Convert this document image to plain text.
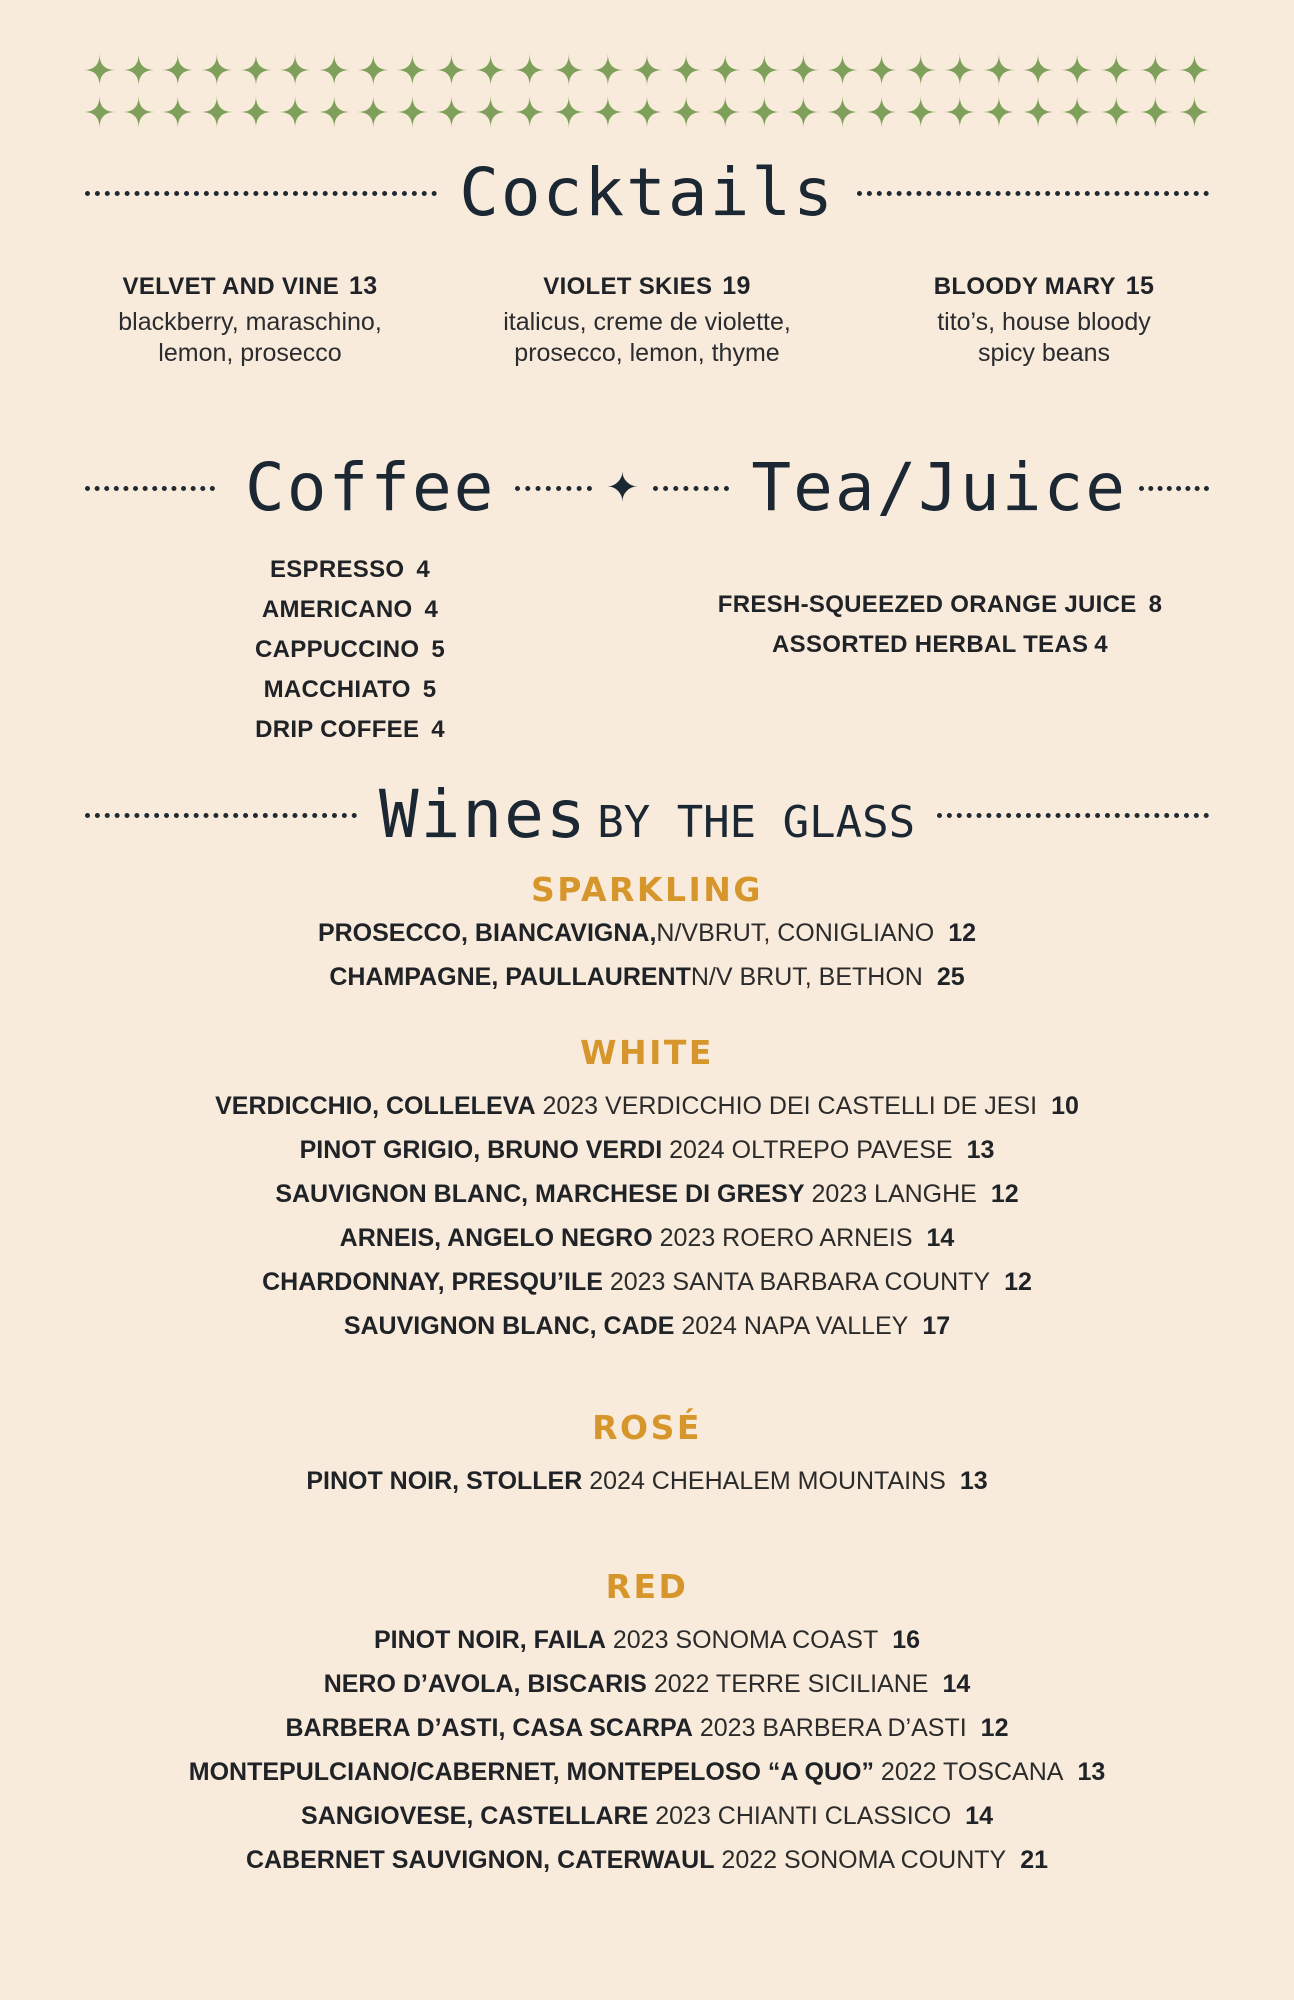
Cocktails
VELVET AND VINE 13
blackberry, maraschino,
lemon, prosecco
VIOLET SKIES 19
italicus, creme de violette,
prosecco, lemon, thyme
BLOODY MARY 15
tito’s, house bloody
spicy beans
Coffee	✦	Tea/Juice
ESPRESSO 4
AMERICANO 4
CAPPUCCINO 5
MACCHIATO 5
DRIP COFFEE 4
FRESH-SQUEEZED ORANGE JUICE 8
ASSORTED HERBAL TEAS 4
Wines BY THE GLASS
SPARKLING
PROSECCO, BIANCAVIGNA,N/VBRUT, CONIGLIANO 12
CHAMPAGNE, PAULLAURENTN/V BRUT, BETHON 25
WHITE
VERDICCHIO, COLLELEVA 2023 VERDICCHIO DEI CASTELLI DE JESI 10
PINOT GRIGIO, BRUNO VERDI 2024 OLTREPO PAVESE 13
SAUVIGNON BLANC, MARCHESE DI GRESY 2023 LANGHE 12
ARNEIS, ANGELO NEGRO 2023 ROERO ARNEIS 14
CHARDONNAY, PRESQU’ILE 2023 SANTA BARBARA COUNTY 12
SAUVIGNON BLANC, CADE 2024 NAPA VALLEY 17
ROSÉ
PINOT NOIR, STOLLER 2024 CHEHALEM MOUNTAINS 13
RED
PINOT NOIR, FAILA 2023 SONOMA COAST 16
NERO D’AVOLA, BISCARIS 2022 TERRE SICILIANE 14
BARBERA D’ASTI, CASA SCARPA 2023 BARBERA D’ASTI 12
MONTEPULCIANO/CABERNET, MONTEPELOSO “A QUO” 2022 TOSCANA 13
SANGIOVESE, CASTELLARE 2023 CHIANTI CLASSICO 14
CABERNET SAUVIGNON, CATERWAUL 2022 SONOMA COUNTY 21
